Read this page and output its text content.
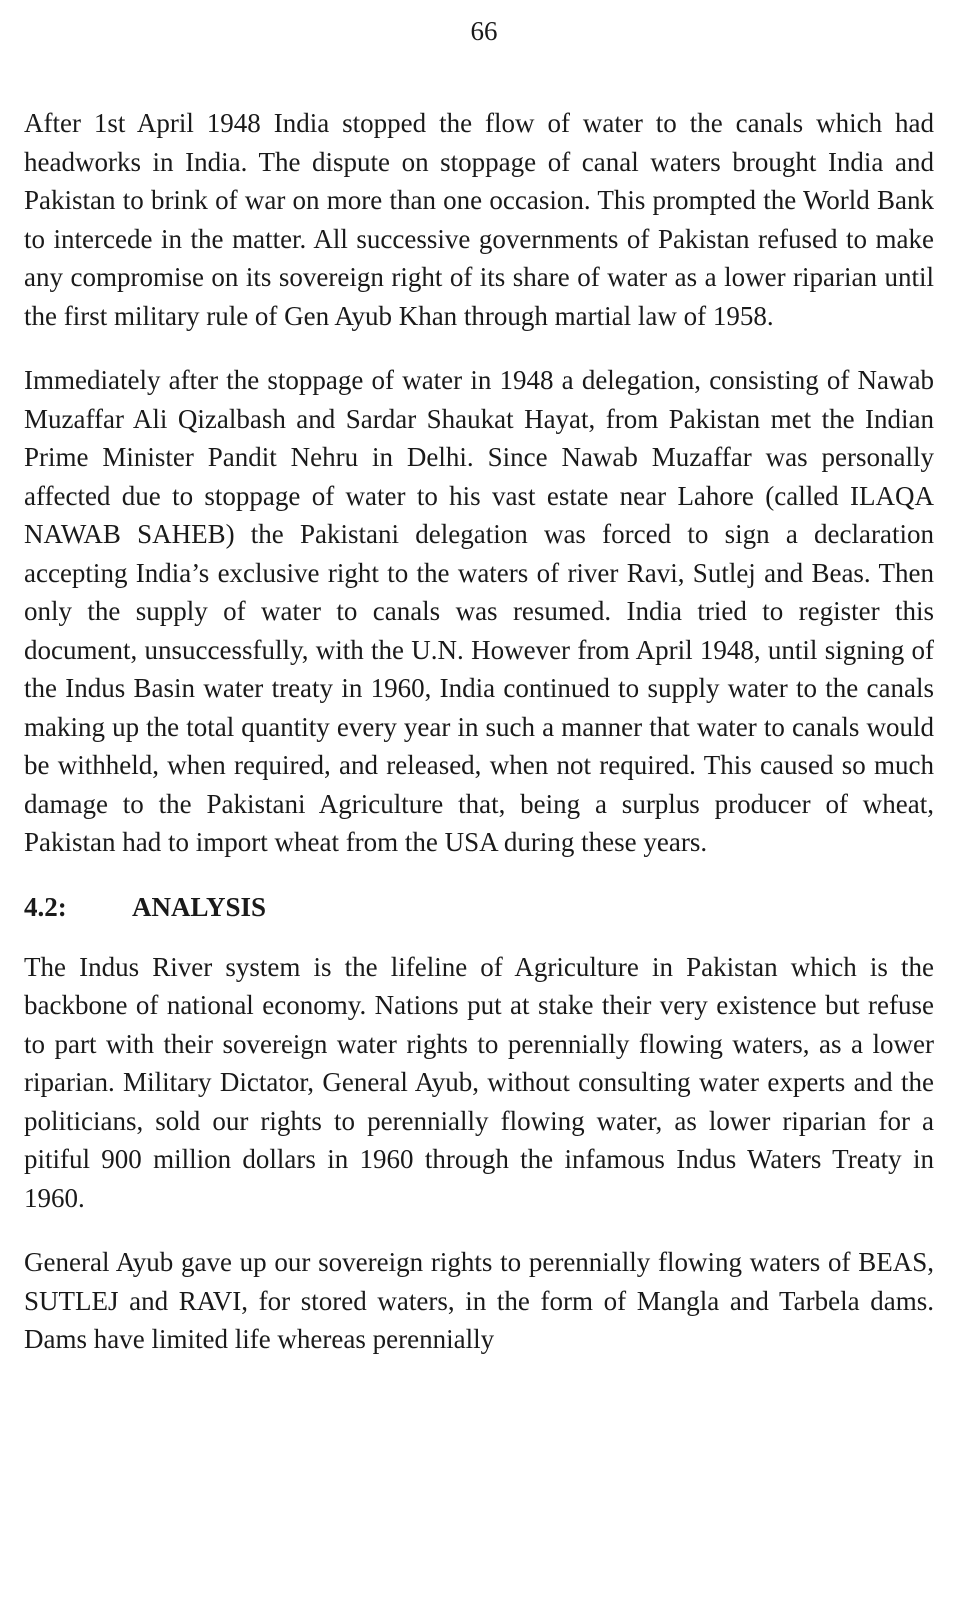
66

After 1st April 1948 India stopped the flow of water to the canals which had headworks in India. The dispute on stoppage of canal waters brought India and Pakistan to brink of war on more than one occasion. This prompted the World Bank to intercede in the matter. All successive governments of Pakistan refused to make any compromise on its sovereign right of its share of water as a lower riparian until the first military rule of Gen Ayub Khan through martial law of 1958.

Immediately after the stoppage of water in 1948 a delegation, consisting of Nawab Muzaffar Ali Qizalbash and Sardar Shaukat Hayat, from Pakistan met the Indian Prime Minister Pandit Nehru in Delhi. Since Nawab Muzaffar was personally affected due to stoppage of water to his vast estate near Lahore (called ILAQA NAWAB SAHEB) the Pakistani delegation was forced to sign a declaration accepting India’s exclusive right to the waters of river Ravi, Sutlej and Beas. Then only the supply of water to canals was resumed. India tried to register this document, unsuccessfully, with the U.N. However from April 1948, until signing of the Indus Basin water treaty in 1960, India continued to supply water to the canals making up the total quantity every year in such a manner that water to canals would be withheld, when required, and released, when not required. This caused so much damage to the Pakistani Agriculture that, being a surplus producer of wheat, Pakistan had to import wheat from the USA during these years.

4.2:	ANALYSIS

The Indus River system is the lifeline of Agriculture in Pakistan which is the backbone of national economy. Nations put at stake their very existence but refuse to part with their sovereign water rights to perennially flowing waters, as a lower riparian. Military Dictator, General Ayub, without consulting water experts and the politicians, sold our rights to perennially flowing water, as lower riparian for a pitiful 900 million dollars in 1960 through the infamous Indus Waters Treaty in 1960.

General Ayub gave up our sovereign rights to perennially flowing waters of BEAS, SUTLEJ and RAVI, for stored waters, in the form of Mangla and Tarbela dams. Dams have limited life whereas perennially
